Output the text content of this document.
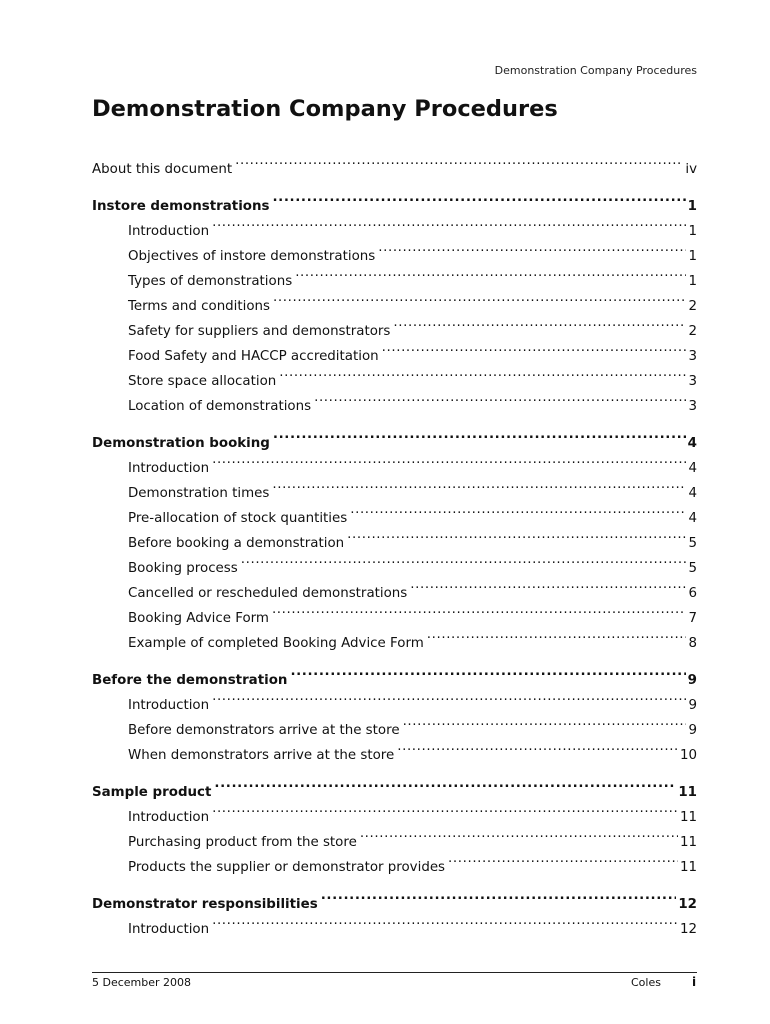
Demonstration Company Procedures
Demonstration Company Procedures
About this document .....	iv
Instore demonstrations .....	1
Introduction .....	1
Objectives of instore demonstrations .....	1
Types of demonstrations .....	1
Terms and conditions .....	2
Safety for suppliers and demonstrators .....	2
Food Safety and HACCP accreditation .....	3
Store space allocation .....	3
Location of demonstrations .....	3
Demonstration booking .....	4
Introduction .....	4
Demonstration times .....	4
Pre-allocation of stock quantities .....	4
Before booking a demonstration .....	5
Booking process .....	5
Cancelled or rescheduled demonstrations .....	6
Booking Advice Form .....	7
Example of completed Booking Advice Form .....	8
Before the demonstration .....	9
Introduction .....	9
Before demonstrators arrive at the store .....	9
When demonstrators arrive at the store .....	10
Sample product .....	11
Introduction .....	11
Purchasing product from the store .....	11
Products the supplier or demonstrator provides .....	11
Demonstrator responsibilities .....	12
Introduction .....	12
5 December 2008	Coles	i
